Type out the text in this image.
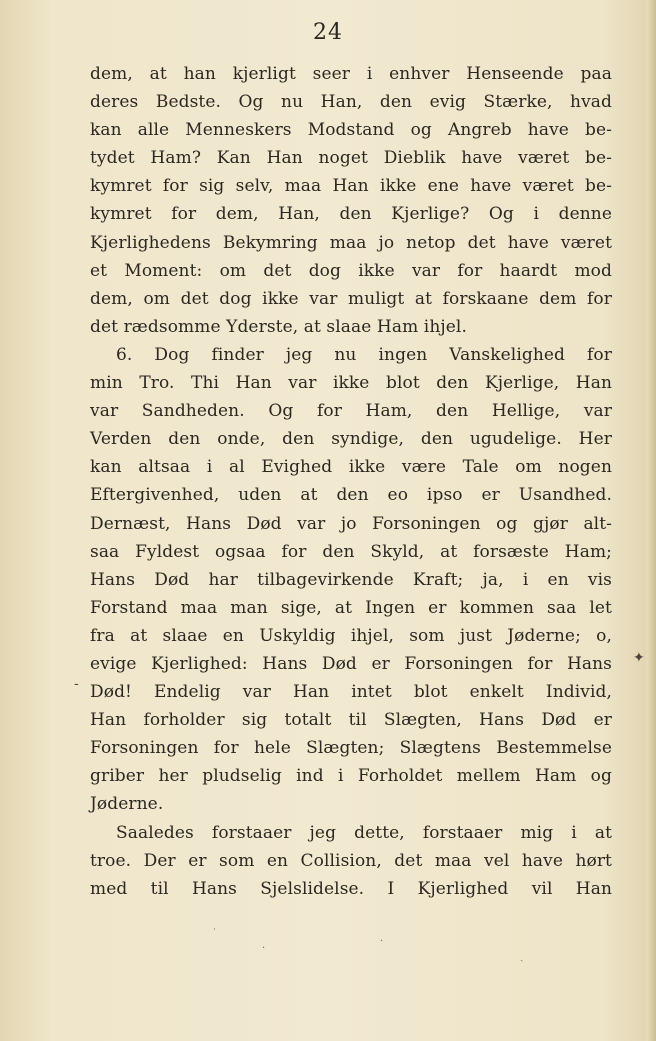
24
dem, at han kjerligt seer i enhver Henseende paa
deres Bedste. Og nu Han, den evig Stærke, hvad
kan alle Menneskers Modstand og Angreb have be-
tydet Ham? Kan Han noget Dieblik have været be-
kymret for sig selv, maa Han ikke ene have været be-
kymret for dem, Han, den Kjerlige? Og i denne
Kjerlighedens Bekymring maa jo netop det have været
et Moment: om det dog ikke var for haardt mod
dem, om det dog ikke var muligt at forskaane dem for
det rædsomme Yderste, at slaae Ham ihjel.
6. Dog finder jeg nu ingen Vanskelighed for
min Tro. Thi Han var ikke blot den Kjerlige, Han
var Sandheden. Og for Ham, den Hellige, var
Verden den onde, den syndige, den ugudelige. Her
kan altsaa i al Evighed ikke være Tale om nogen
Eftergivenhed, uden at den eo ipso er Usandhed.
Dernæst, Hans Død var jo Forsoningen og gjør alt-
saa Fyldest ogsaa for den Skyld, at forsæste Ham;
Hans Død har tilbagevirkende Kraft; ja, i en vis
Forstand maa man sige, at Ingen er kommen saa let
fra at slaae en Uskyldig ihjel, som just Jøderne; o,
evige Kjerlighed: Hans Død er Forsoningen for Hans
Død! Endelig var Han intet blot enkelt Individ,
Han forholder sig totalt til Slægten, Hans Død er
Forsoningen for hele Slægten; Slægtens Bestemmelse
griber her pludselig ind i Forholdet mellem Ham og
Jøderne.
Saaledes forstaaer jeg dette, forstaaer mig i at
troe. Der er som en Collision, det maa vel have hørt
med til Hans Sjelslidelse. I Kjerlighed vil Han
✦
-
˙
·
·
ˎ
